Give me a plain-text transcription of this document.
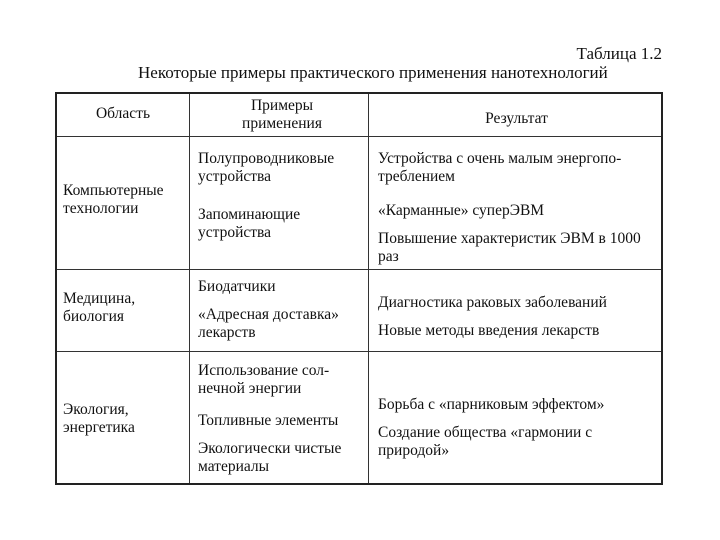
Таблица 1.2
Некоторые примеры практического применения нанотехнологий
Область	Примеры применения	Результат
Компьютерные технологии
Полупроводниковые устройства
Запоминающие устройства
Устройства с очень малым энергопо-треблением
«Карманные» суперЭВМ
Повышение характеристик ЭВМ в 1000 раз
Медицина, биология
Биодатчики
«Адресная доставка» лекарств
Диагностика раковых заболеваний
Новые методы введения лекарств
Экология, энергетика
Использование сол-нечной энергии
Топливные элементы
Экологически чистые материалы
Борьба с «парниковым эффектом»
Создание общества «гармонии с природой»
